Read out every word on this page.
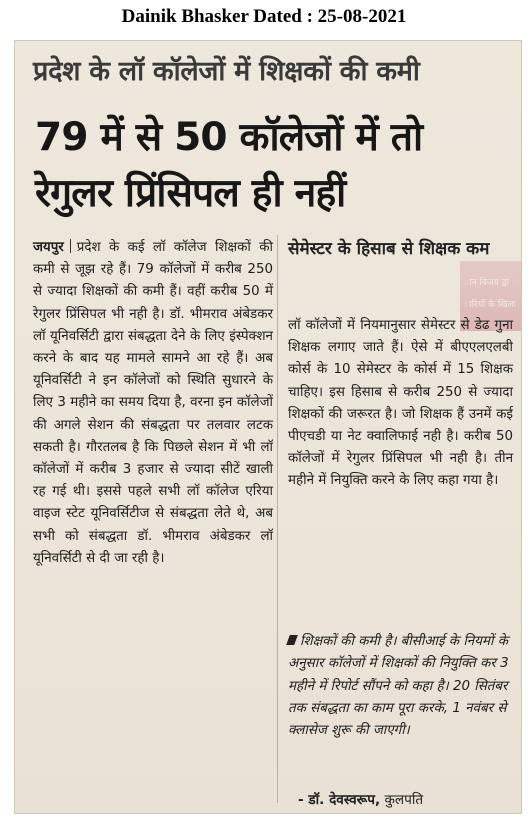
Dainik Bhasker Dated : 25-08-2021
प्रदेश के लॉ कॉलेजों में शिक्षकों की कमी
79 में से 50 कॉलेजों में तो
रेगुलर प्रिंसिपल ही नहीं
जयपुर प्रदेश के कई लॉ कॉलेज शिक्षकों की कमी से जूझ रहे हैं। 79 कॉलेजों में करीब 250 से ज्यादा शिक्षकों की कमी हैं। वहीं करीब 50 में रेगुलर प्रिंसिपल भी नही है। डॉ. भीमराव अंबेडकर लॉ यूनिवर्सिटी द्वारा संबद्धता देने के लिए इंस्पेक्शन करने के बाद यह मामले सामने आ रहे हैं। अब यूनिवर्सिटी ने इन कॉलेजों को स्थिति सुधारने के लिए 3 महीने का समय दिया है, वरना इन कॉलेजों की अगले सेशन की संबद्धता पर तलवार लटक सकती है। गौरतलब है कि पिछले सेशन में भी लॉ कॉलेजों में करीब 3 हजार से ज्यादा सीटें खाली रह गई थी। इससे पहले सभी लॉ कॉलेज एरिया वाइज स्टेट यूनिवर्सिटीज से संबद्धता लेते थे, अब सभी को संबद्धता डॉ. भीमराव अंबेडकर लॉ यूनिवर्सिटी से दी जा रही है।
सेमेस्टर के हिसाब से शिक्षक कम
ान विजय द्वा
ारियों के खिला
लॉ कॉलेजों में नियमानुसार सेमेस्टर से डेढ गुना शिक्षक लगाए जाते हैं। ऐसे में बीएएलएलबी कोर्स के 10 सेमेस्टर के कोर्स में 15 शिक्षक चाहिए। इस हिसाब से करीब 250 से ज्यादा शिक्षकों की जरूरत है। जो शिक्षक हैं उनमें कई पीएचडी या नेट क्वालिफाई नही है। करीब 50 कॉलेजों में रेगुलर प्रिंसिपल भी नही है। तीन महीने में नियुक्ति करने के लिए कहा गया है।
शिक्षकों की कमी है। बीसीआई के नियमों के अनुसार कॉलेजों में शिक्षकों की नियुक्ति कर 3 महीने में रिपोर्ट सौंपने को कहा है। 20 सितंबर तक संबद्धता का काम पूरा करके, 1 नवंबर से क्लासेज शुरू की जाएगी।
- डॉ. देवस्वरूप, कुलपति
